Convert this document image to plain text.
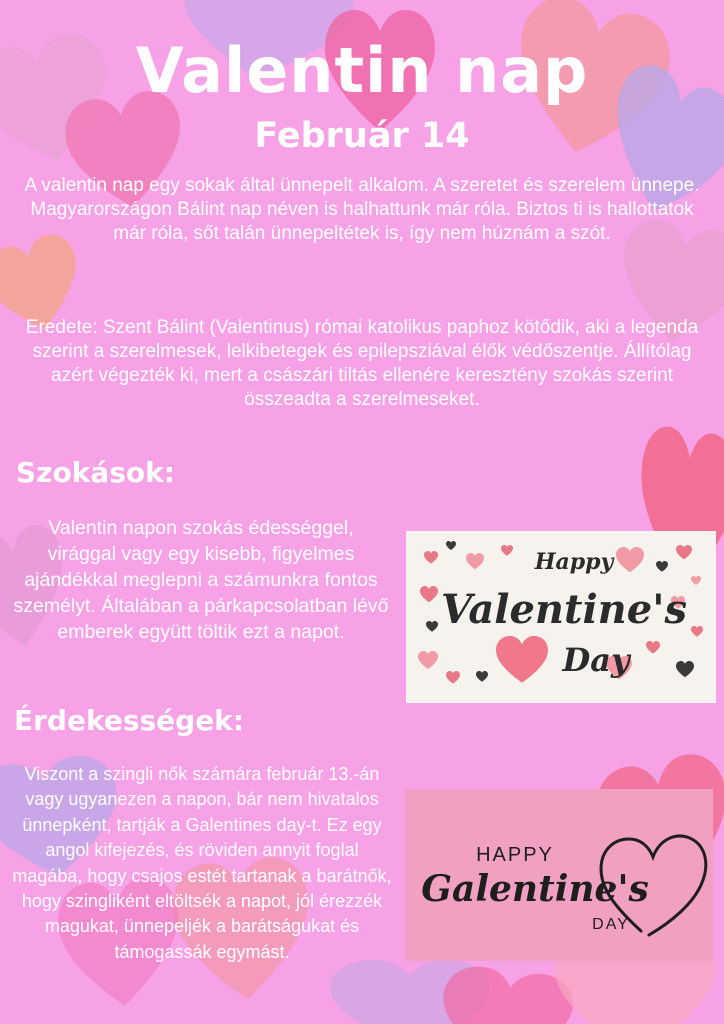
Valentin nap
Február 14
A valentin nap egy sokak által ünnepelt alkalom. A szeretet és szerelem ünnepe. Magyarországon Bálint nap néven is halhattunk már róla. Biztos ti is hallottatok már róla, sőt talán ünnepeltétek is, így nem húznám a szót.
Eredete: Szent Bálint (Valentinus) római katolikus paphoz kötődik, aki a legenda szerint a szerelmesek, lelkibetegek és epilepsziával élők védőszentje. Állítólag azért végezték ki, mert a császári tiltás ellenére keresztény szokás szerint összeadta a szerelmeseket.
Szokások:
Valentin napon szokás édességgel, virággal vagy egy kisebb, figyelmes ajándékkal meglepni a számunkra fontos személyt. Általában a párkapcsolatban lévő emberek együtt töltik ezt a napot.
Érdekességek:
Viszont a szingli nők számára február 13.-án vagy ugyanezen a napon, bár nem hivatalos ünnepként, tartják a Galentines day-t. Ez egy angol kifejezés, és röviden annyit foglal magába, hogy csajos estét tartanak a barátnők, hogy szingliként eltöltsék a napot, jól érezzék magukat, ünnepeljék a barátságukat és támogassák egymást.
Happy
Valentine's
Day
HAPPY
Galentine's
DAY
